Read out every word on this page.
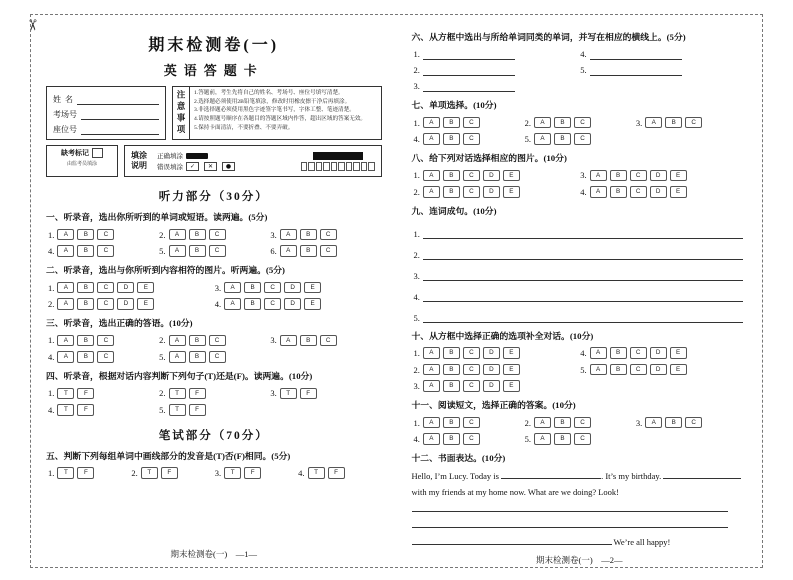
✂
期末检测卷(一)
英语答题卡
姓  名
考场号
座位号	注意事项	1.答题前，考生先将自己的姓名、考场号、座位号填写清楚。
2.选择题必须使用2B铅笔填涂，修改时用橡皮擦干净后再填涂。
3.非选择题必须使用黑色字迹签字笔书写，字体工整、笔迹清楚。
4.请按照题号顺序在各题目的答题区域内作答，超出区域的答案无效。
5.保持卡面清洁，不要折叠、不要弄破。
缺考标记
由监考员填涂
填涂说明
正确填涂
错误填涂	✓	✕	●
听力部分（30分）
一、听录音，选出你所听到的单词或短语。读两遍。(5分)
1.	A	B	C	2.	A	B	C	3.	A	B	C
4.	A	B	C	5.	A	B	C	6.	A	B	C
二、听录音，选出与你所听到内容相符的图片。听两遍。(5分)
1.	A	B	C	D	E	3.	A	B	C	D	E
2.	A	B	C	D	E	4.	A	B	C	D	E
三、听录音，选出正确的答语。(10分)
1.	A	B	C	2.	A	B	C	3.	A	B	C
4.	A	B	C	5.	A	B	C
四、听录音，根据对话内容判断下列句子(T)还是(F)。读两遍。(10分)
1.	T	F	2.	T	F	3.	T	F
4.	T	F	5.	T	F
笔试部分（70分）
五、判断下列每组单词中画线部分的发音是(T)否(F)相同。(5分)
1.	T	F	2.	T	F	3.	T	F	4.	T	F
期末检测卷(一)　—1—
六、从方框中选出与所给单词同类的单词，并写在相应的横线上。(5分)
1.	4.
2.	5.
3.
七、单项选择。(10分)
1.	A	B	C	2.	A	B	C	3.	A	B	C
4.	A	B	C	5.	A	B	C
八、给下列对话选择相应的图片。(10分)
1.	A	B	C	D	E	3.	A	B	C	D	E
2.	A	B	C	D	E	4.	A	B	C	D	E
九、连词成句。(10分)
1.
2.
3.
4.
5.
十、从方框中选择正确的选项补全对话。(10分)
1.	A	B	C	D	E	4.	A	B	C	D	E
2.	A	B	C	D	E	5.	A	B	C	D	E
3.	A	B	C	D	E
十一、阅读短文，选择正确的答案。(10分)
1.	A	B	C	2.	A	B	C	3.	A	B	C
4.	A	B	C	5.	A	B	C
十二、书面表达。(10分)
Hello, I’m Lucy. Today is	. It’s my birthday.  with my friends at my home now. What are we doing? Look!  We’re all happy!
期末检测卷(一)　—2—
